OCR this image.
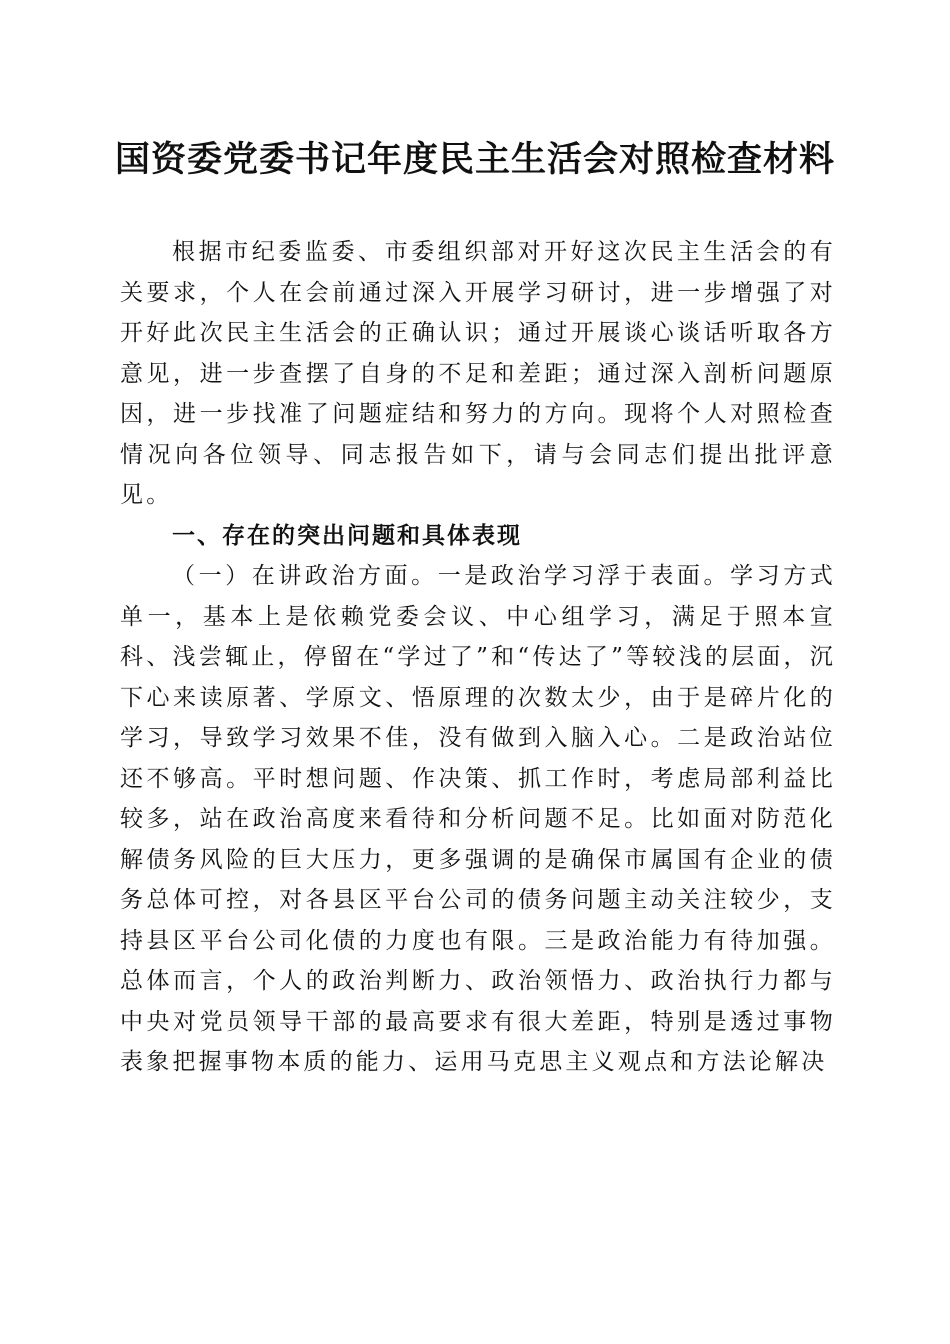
国资委党委书记年度民主生活会对照检查材料

根据市纪委监委、市委组织部对开好这次民主生活会的有关要求，个人在会前通过深入开展学习研讨，进一步增强了对开好此次民主生活会的正确认识；通过开展谈心谈话听取各方意见，进一步查摆了自身的不足和差距；通过深入剖析问题原因，进一步找准了问题症结和努力的方向。现将个人对照检查情况向各位领导、同志报告如下，请与会同志们提出批评意见。

一、存在的突出问题和具体表现

（一）在讲政治方面。一是政治学习浮于表面。学习方式单一，基本上是依赖党委会议、中心组学习，满足于照本宣科、浅尝辄止，停留在“学过了”和“传达了”等较浅的层面，沉下心来读原著、学原文、悟原理的次数太少，由于是碎片化的学习，导致学习效果不佳，没有做到入脑入心。二是政治站位还不够高。平时想问题、作决策、抓工作时，考虑局部利益比较多，站在政治高度来看待和分析问题不足。比如面对防范化解债务风险的巨大压力，更多强调的是确保市属国有企业的债务总体可控，对各县区平台公司的债务问题主动关注较少，支持县区平台公司化债的力度也有限。三是政治能力有待加强。总体而言，个人的政治判断力、政治领悟力、政治执行力都与中央对党员领导干部的最高要求有很大差距，特别是透过事物表象把握事物本质的能力、运用马克思主义观点和方法论解决
